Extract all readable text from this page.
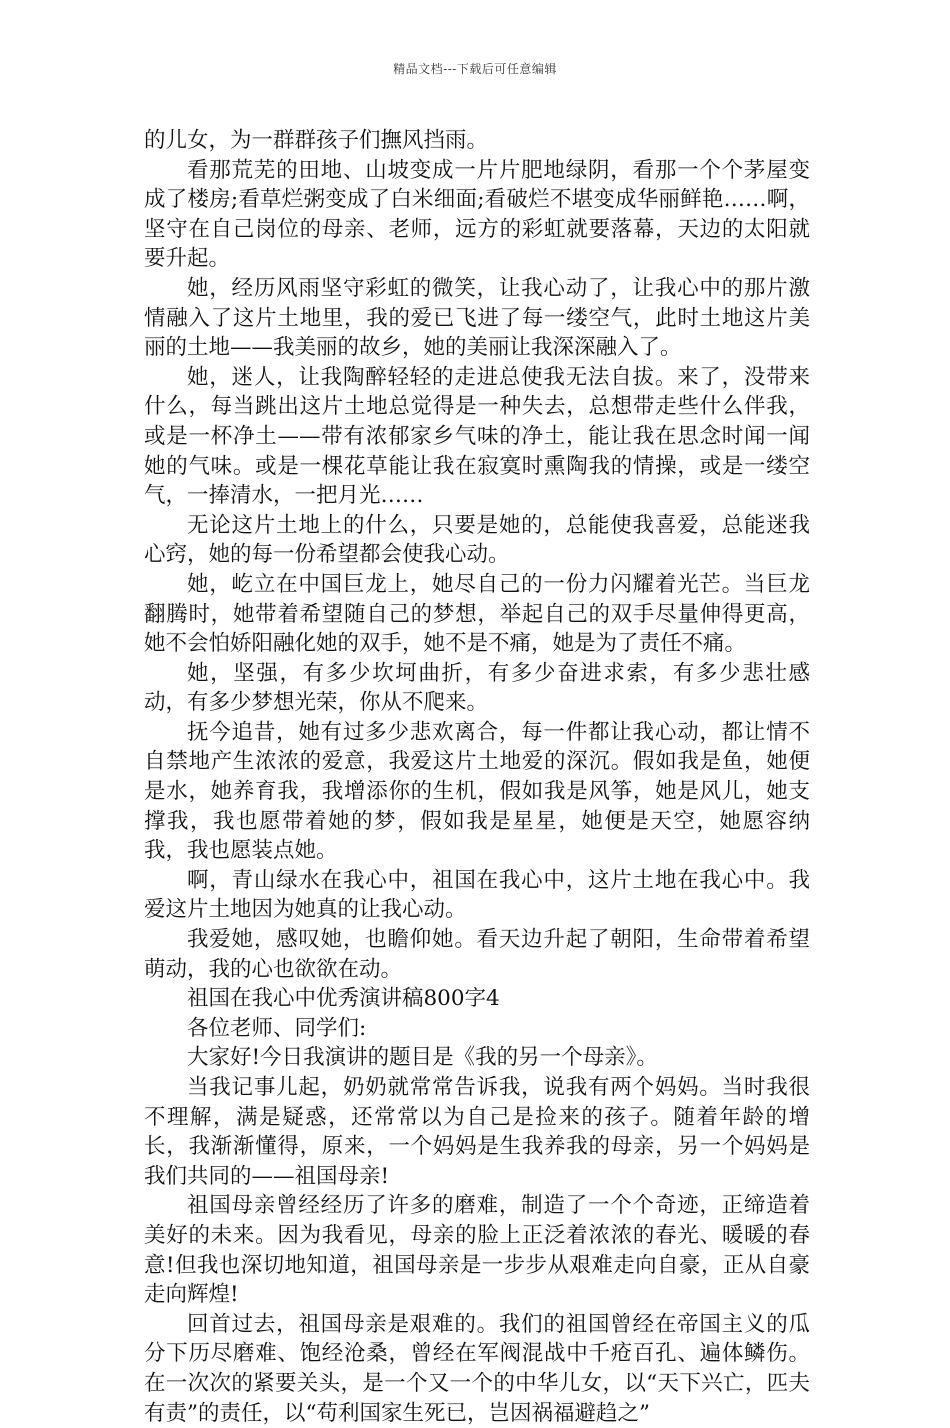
精品文档---下载后可任意编辑

的儿女，为一群群孩子们撫风挡雨。

看那荒芜的田地、山坡变成一片片肥地绿阴，看那一个个茅屋变成了楼房;看草烂粥变成了白米细面;看破烂不堪变成华丽鲜艳……啊，坚守在自己岗位的母亲、老师，远方的彩虹就要落幕，天边的太阳就要升起。

她，经历风雨坚守彩虹的微笑，让我心动了，让我心中的那片激情融入了这片土地里，我的爱已飞进了每一缕空气，此时土地这片美丽的土地——我美丽的故乡，她的美丽让我深深融入了。

她，迷人，让我陶醉轻轻的走进总使我无法自拔。来了，没带来什么，每当跳出这片土地总觉得是一种失去，总想带走些什么伴我，或是一杯净土——带有浓郁家乡气味的净土，能让我在思念时闻一闻她的气味。或是一棵花草能让我在寂寞时熏陶我的情操，或是一缕空气，一捧清水，一把月光……

无论这片土地上的什么，只要是她的，总能使我喜爱，总能迷我心窍，她的每一份希望都会使我心动。

她，屹立在中国巨龙上，她尽自己的一份力闪耀着光芒。当巨龙翻腾时，她带着希望随自己的梦想，举起自己的双手尽量伸得更高，她不会怕娇阳融化她的双手，她不是不痛，她是为了责任不痛。

她，坚强，有多少坎坷曲折，有多少奋进求索，有多少悲壮感动，有多少梦想光荣，你从不爬来。

抚今追昔，她有过多少悲欢离合，每一件都让我心动，都让情不自禁地产生浓浓的爱意，我爱这片土地爱的深沉。假如我是鱼，她便是水，她养育我，我增添你的生机，假如我是风筝，她是风儿，她支撑我，我也愿带着她的梦，假如我是星星，她便是天空，她愿容纳我，我也愿装点她。

啊，青山绿水在我心中，祖国在我心中，这片土地在我心中。我爱这片土地因为她真的让我心动。

我爱她，感叹她，也瞻仰她。看天边升起了朝阳，生命带着希望萌动，我的心也欲欲在动。

祖国在我心中优秀演讲稿800字4

各位老师、同学们:

大家好!今日我演讲的题目是《我的另一个母亲》。

当我记事儿起，奶奶就常常告诉我，说我有两个妈妈。当时我很不理解，满是疑惑，还常常以为自己是捡来的孩子。随着年龄的增长，我渐渐懂得，原来，一个妈妈是生我养我的母亲，另一个妈妈是我们共同的——祖国母亲!

祖国母亲曾经经历了许多的磨难，制造了一个个奇迹，正缔造着美好的未来。因为我看见，母亲的脸上正泛着浓浓的春光、暖暖的春意!但我也深切地知道，祖国母亲是一步步从艰难走向自豪，正从自豪走向辉煌!

回首过去，祖国母亲是艰难的。我们的祖国曾经在帝国主义的瓜分下历尽磨难、饱经沧桑，曾经在军阀混战中千疮百孔、遍体鳞伤。在一次次的紧要关头，是一个又一个的中华儿女，以“天下兴亡，匹夫有责”的责任，以“苟利国家生死已，岂因祸福避趋之”
